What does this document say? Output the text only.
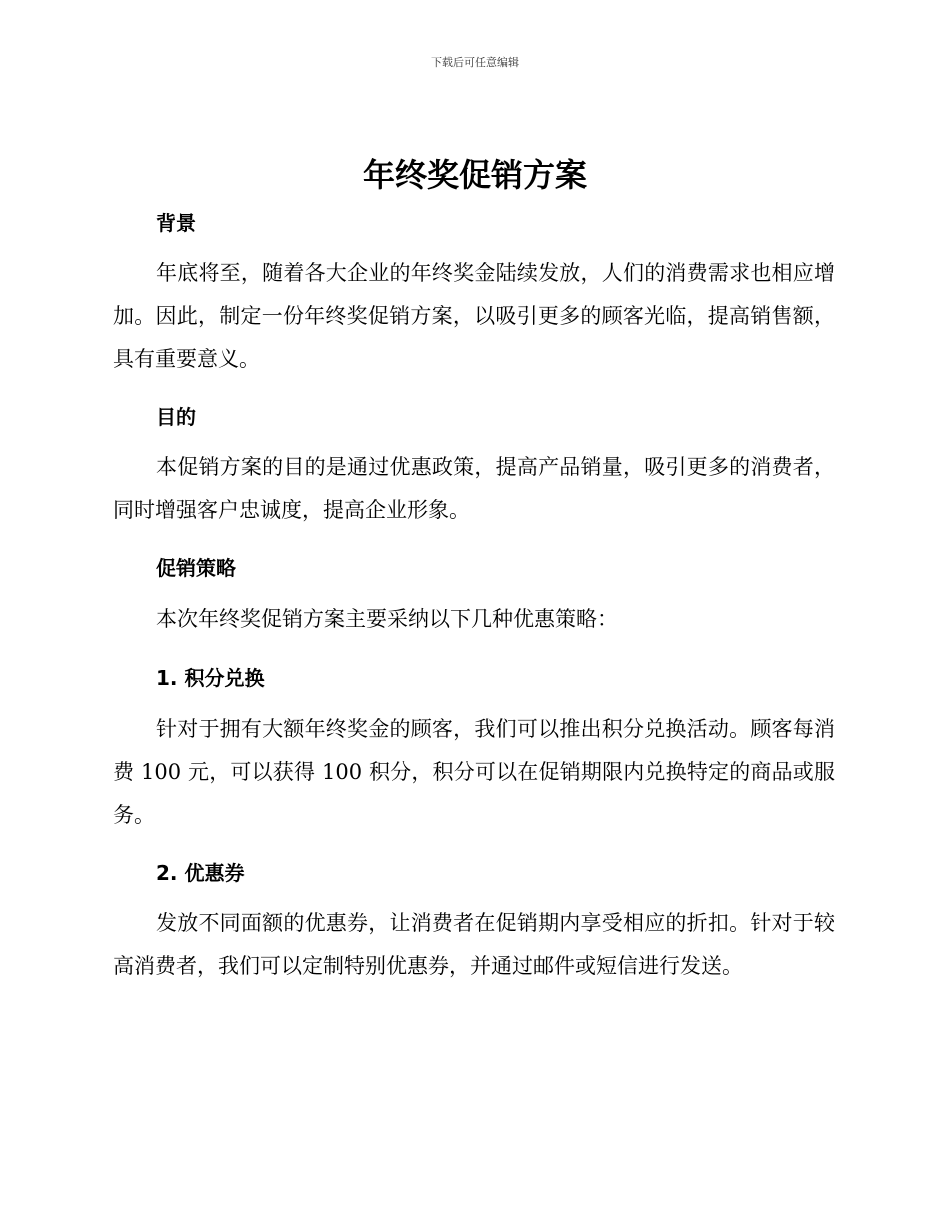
下载后可任意编辑
年终奖促销方案
背景

年底将至，随着各大企业的年终奖金陆续发放，人们的消费需求也相应增加。因此，制定一份年终奖促销方案，以吸引更多的顾客光临，提高销售额，具有重要意义。

目的

本促销方案的目的是通过优惠政策，提高产品销量，吸引更多的消费者，同时增强客户忠诚度，提高企业形象。

促销策略

本次年终奖促销方案主要采纳以下几种优惠策略：

1. 积分兑换

针对于拥有大额年终奖金的顾客，我们可以推出积分兑换活动。顾客每消费 100 元，可以获得 100 积分，积分可以在促销期限内兑换特定的商品或服务。

2. 优惠券

发放不同面额的优惠券，让消费者在促销期内享受相应的折扣。针对于较高消费者，我们可以定制特别优惠券，并通过邮件或短信进行发送。
